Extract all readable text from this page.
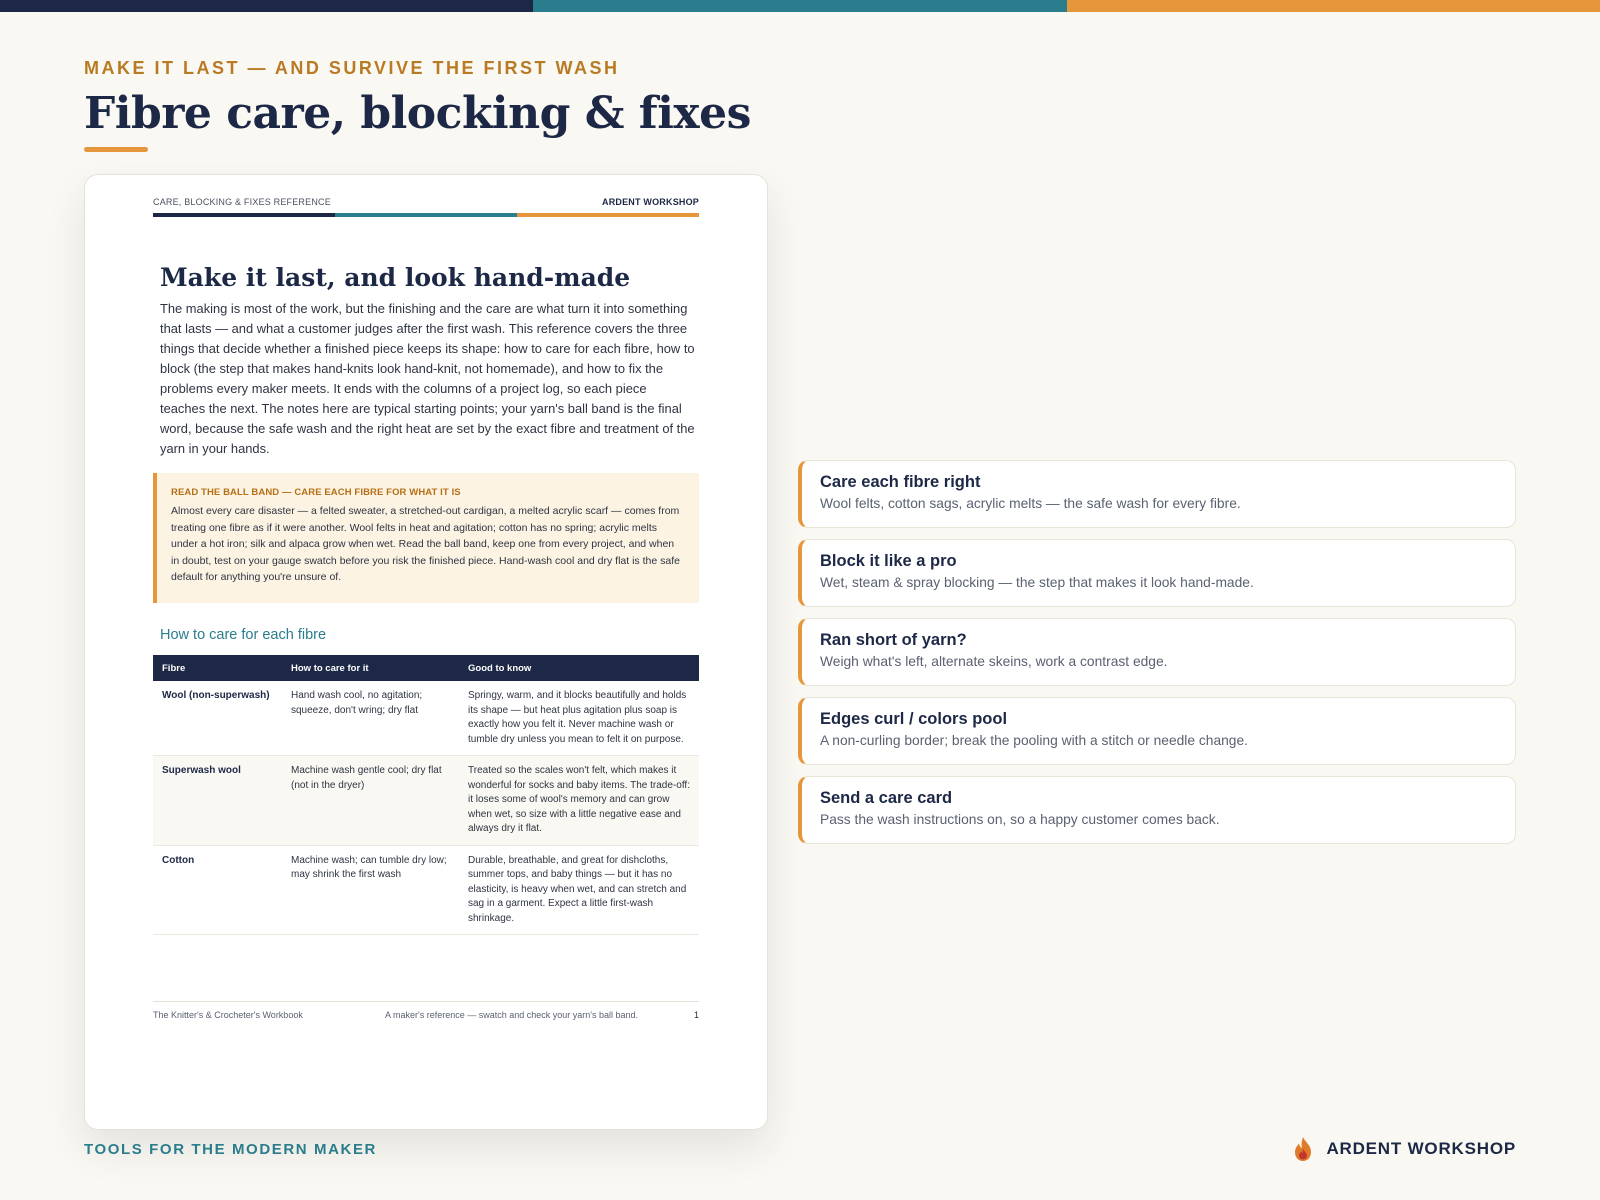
MAKE IT LAST — AND SURVIVE THE FIRST WASH
Fibre care, blocking & fixes
CARE, BLOCKING & FIXES REFERENCE	ARDENT WORKSHOP
Make it last, and look hand-made

The making is most of the work, but the finishing and the care are what turn it into something that lasts — and what a customer judges after the first wash. This reference covers the three things that decide whether a finished piece keeps its shape: how to care for each fibre, how to block (the step that makes hand-knits look hand-knit, not homemade), and how to fix the problems every maker meets. It ends with the columns of a project log, so each piece teaches the next. The notes here are typical starting points; your yarn's ball band is the final word, because the safe wash and the right heat are set by the exact fibre and treatment of the yarn in your hands.

READ THE BALL BAND — CARE EACH FIBRE FOR WHAT IT IS
Almost every care disaster — a felted sweater, a stretched-out cardigan, a melted acrylic scarf — comes from treating one fibre as if it were another. Wool felts in heat and agitation; cotton has no spring; acrylic melts under a hot iron; silk and alpaca grow when wet. Read the ball band, keep one from every project, and when in doubt, test on your gauge swatch before you risk the finished piece. Hand-wash cool and dry flat is the safe default for anything you're unsure of.
How to care for each fibre
Fibre	How to care for it	Good to know
Wool (non-superwash)	Hand wash cool, no agitation; squeeze, don't wring; dry flat	Springy, warm, and it blocks beautifully and holds its shape — but heat plus agitation plus soap is exactly how you felt it. Never machine wash or tumble dry unless you mean to felt it on purpose.
Superwash wool	Machine wash gentle cool; dry flat (not in the dryer)	Treated so the scales won't felt, which makes it wonderful for socks and baby items. The trade-off: it loses some of wool's memory and can grow when wet, so size with a little negative ease and always dry it flat.
Cotton	Machine wash; can tumble dry low; may shrink the first wash	Durable, breathable, and great for dishcloths, summer tops, and baby things — but it has no elasticity, is heavy when wet, and can stretch and sag in a garment. Expect a little first-wash shrinkage.
The Knitter's & Crocheter's Workbook	A maker's reference — swatch and check your yarn's ball band.	1
Care each fibre right
Wool felts, cotton sags, acrylic melts — the safe wash for every fibre.
Block it like a pro
Wet, steam & spray blocking — the step that makes it look hand-made.
Ran short of yarn?
Weigh what's left, alternate skeins, work a contrast edge.
Edges curl / colors pool
A non-curling border; break the pooling with a stitch or needle change.
Send a care card
Pass the wash instructions on, so a happy customer comes back.
TOOLS FOR THE MODERN MAKER	ARDENT WORKSHOP
